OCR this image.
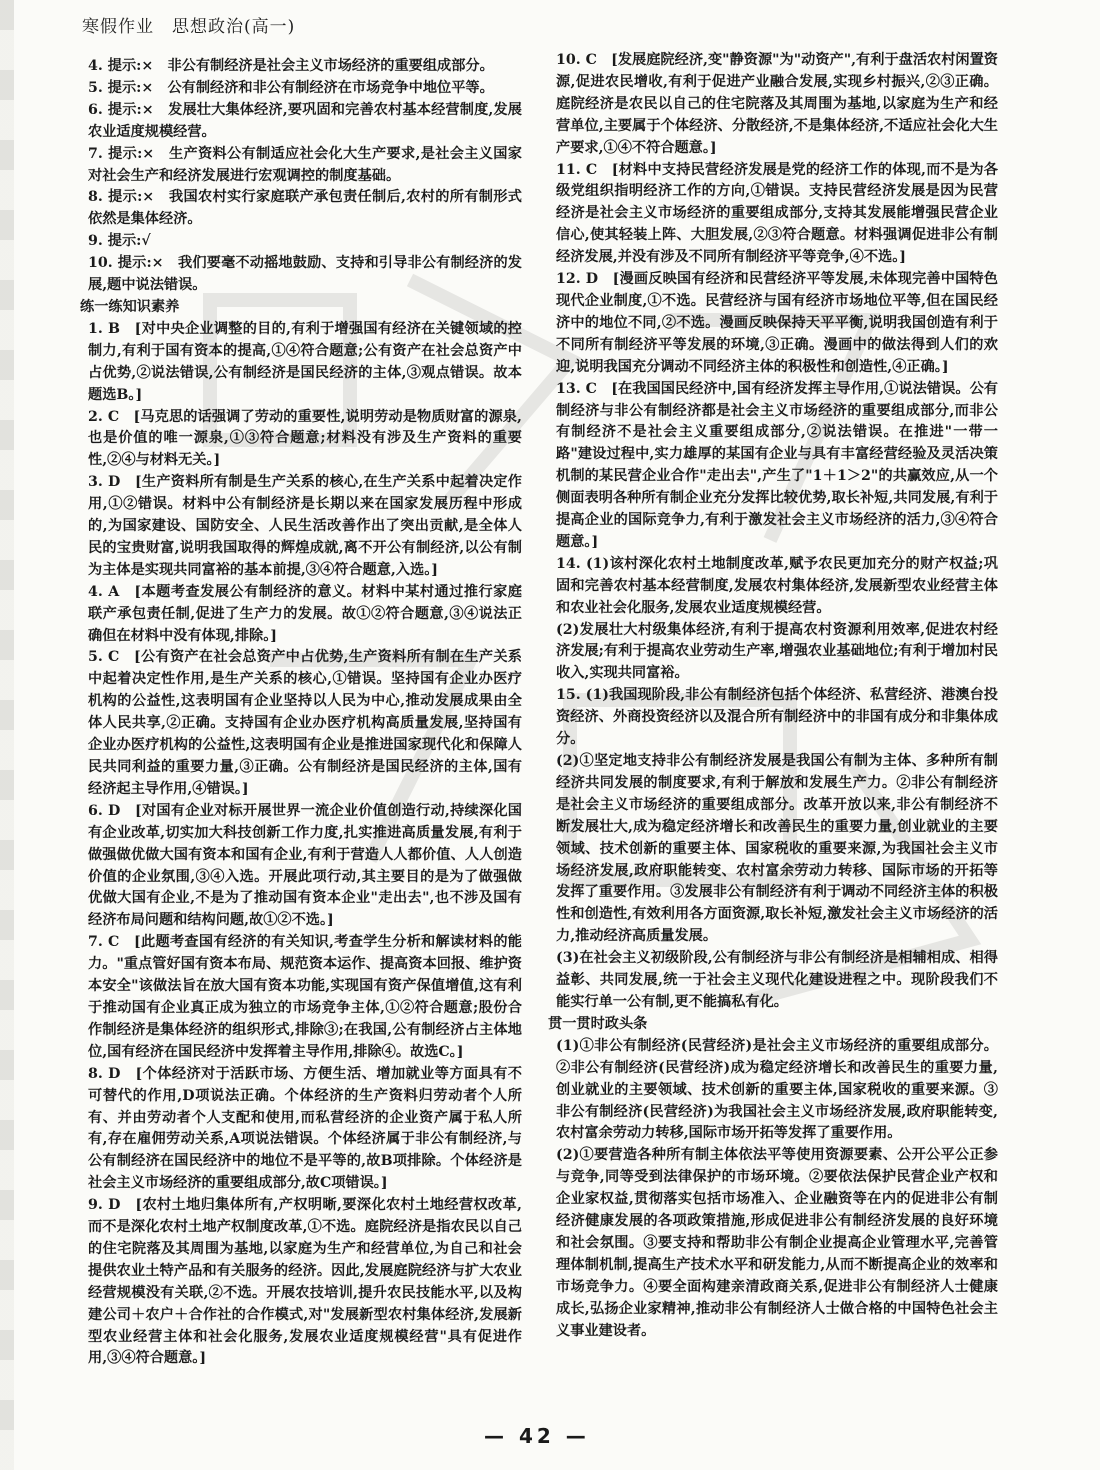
寒假作业　思想政治(高一)

4. 提示:×　非公有制经济是社会主义市场经济的重要组成部分。

5. 提示:×　公有制经济和非公有制经济在市场竞争中地位平等。

6. 提示:×　发展壮大集体经济,要巩固和完善农村基本经营制度,发展农业适度规模经营。

7. 提示:×　生产资料公有制适应社会化大生产要求,是社会主义国家对社会生产和经济发展进行宏观调控的制度基础。

8. 提示:×　我国农村实行家庭联产承包责任制后,农村的所有制形式依然是集体经济。

9. 提示:√

10. 提示:×　我们要毫不动摇地鼓励、支持和引导非公有制经济的发展,题中说法错误。

练一练知识素养

1. B　[对中央企业调整的目的,有利于增强国有经济在关键领域的控制力,有利于国有资本的提高,①④符合题意;公有资产在社会总资产中占优势,②说法错误,公有制经济是国民经济的主体,③观点错误。故本题选B。]

2. C　[马克思的话强调了劳动的重要性,说明劳动是物质财富的源泉,也是价值的唯一源泉,①③符合题意;材料没有涉及生产资料的重要性,②④与材料无关。]

3. D　[生产资料所有制是生产关系的核心,在生产关系中起着决定作用,①②错误。材料中公有制经济是长期以来在国家发展历程中形成的,为国家建设、国防安全、人民生活改善作出了突出贡献,是全体人民的宝贵财富,说明我国取得的辉煌成就,离不开公有制经济,以公有制为主体是实现共同富裕的基本前提,③④符合题意,入选。]

4. A　[本题考查发展公有制经济的意义。材料中某村通过推行家庭联产承包责任制,促进了生产力的发展。故①②符合题意,③④说法正确但在材料中没有体现,排除。]

5. C　[公有资产在社会总资产中占优势,生产资料所有制在生产关系中起着决定性作用,是生产关系的核心,①错误。坚持国有企业办医疗机构的公益性,这表明国有企业坚持以人民为中心,推动发展成果由全体人民共享,②正确。支持国有企业办医疗机构高质量发展,坚持国有企业办医疗机构的公益性,这表明国有企业是推进国家现代化和保障人民共同利益的重要力量,③正确。公有制经济是国民经济的主体,国有经济起主导作用,④错误。]

6. D　[对国有企业对标开展世界一流企业价值创造行动,持续深化国有企业改革,切实加大科技创新工作力度,扎实推进高质量发展,有利于做强做优做大国有资本和国有企业,有利于营造人人都价值、人人创造价值的企业氛围,③④入选。开展此项行动,其主要目的是为了做强做优做大国有企业,不是为了推动国有资本企业"走出去",也不涉及国有经济布局问题和结构问题,故①②不选。]

7. C　[此题考查国有经济的有关知识,考查学生分析和解读材料的能力。"重点管好国有资本布局、规范资本运作、提高资本回报、维护资本安全"该做法旨在放大国有资本功能,实现国有资产保值增值,这有利于推动国有企业真正成为独立的市场竞争主体,①②符合题意;股份合作制经济是集体经济的组织形式,排除③;在我国,公有制经济占主体地位,国有经济在国民经济中发挥着主导作用,排除④。故选C。]

8. D　[个体经济对于活跃市场、方便生活、增加就业等方面具有不可替代的作用,D项说法正确。个体经济的生产资料归劳动者个人所有、并由劳动者个人支配和使用,而私营经济的企业资产属于私人所有,存在雇佣劳动关系,A项说法错误。个体经济属于非公有制经济,与公有制经济在国民经济中的地位不是平等的,故B项排除。个体经济是社会主义市场经济的重要组成部分,故C项错误。]

9. D　[农村土地归集体所有,产权明晰,要深化农村土地经营权改革,而不是深化农村土地产权制度改革,①不选。庭院经济是指农民以自己的住宅院落及其周围为基地,以家庭为生产和经营单位,为自己和社会提供农业土特产品和有关服务的经济。因此,发展庭院经济与扩大农业经营规模没有关联,②不选。开展农技培训,提升农民技能水平,以及构建公司＋农户＋合作社的合作模式,对"发展新型农村集体经济,发展新型农业经营主体和社会化服务,发展农业适度规模经营"具有促进作用,③④符合题意。]

10. C　[发展庭院经济,变"静资源"为"动资产",有利于盘活农村闲置资源,促进农民增收,有利于促进产业融合发展,实现乡村振兴,②③正确。庭院经济是农民以自己的住宅院落及其周围为基地,以家庭为生产和经营单位,主要属于个体经济、分散经济,不是集体经济,不适应社会化大生产要求,①④不符合题意。]

11. C　[材料中支持民营经济发展是党的经济工作的体现,而不是为各级党组织指明经济工作的方向,①错误。支持民营经济发展是因为民营经济是社会主义市场经济的重要组成部分,支持其发展能增强民营企业信心,使其轻装上阵、大胆发展,②③符合题意。材料强调促进非公有制经济发展,并没有涉及不同所有制经济平等竞争,④不选。]

12. D　[漫画反映国有经济和民营经济平等发展,未体现完善中国特色现代企业制度,①不选。民营经济与国有经济市场地位平等,但在国民经济中的地位不同,②不选。漫画反映保持天平平衡,说明我国创造有利于不同所有制经济平等发展的环境,③正确。漫画中的做法得到人们的欢迎,说明我国充分调动不同经济主体的积极性和创造性,④正确。]

13. C　[在我国国民经济中,国有经济发挥主导作用,①说法错误。公有制经济与非公有制经济都是社会主义市场经济的重要组成部分,而非公有制经济不是社会主义重要组成部分,②说法错误。在推进"一带一路"建设过程中,实力雄厚的某国有企业与具有丰富经营经验及灵活决策机制的某民营企业合作"走出去",产生了"1＋1＞2"的共赢效应,从一个侧面表明各种所有制企业充分发挥比较优势,取长补短,共同发展,有利于提高企业的国际竞争力,有利于激发社会主义市场经济的活力,③④符合题意。]

14. (1)该村深化农村土地制度改革,赋予农民更加充分的财产权益;巩固和完善农村基本经营制度,发展农村集体经济,发展新型农业经营主体和农业社会化服务,发展农业适度规模经营。

(2)发展壮大村级集体经济,有利于提高农村资源利用效率,促进农村经济发展;有利于提高农业劳动生产率,增强农业基础地位;有利于增加村民收入,实现共同富裕。

15. (1)我国现阶段,非公有制经济包括个体经济、私营经济、港澳台投资经济、外商投资经济以及混合所有制经济中的非国有成分和非集体成分。

(2)①坚定地支持非公有制经济发展是我国公有制为主体、多种所有制经济共同发展的制度要求,有利于解放和发展生产力。②非公有制经济是社会主义市场经济的重要组成部分。改革开放以来,非公有制经济不断发展壮大,成为稳定经济增长和改善民生的重要力量,创业就业的主要领域、技术创新的重要主体、国家税收的重要来源,为我国社会主义市场经济发展,政府职能转变、农村富余劳动力转移、国际市场的开拓等发挥了重要作用。③发展非公有制经济有利于调动不同经济主体的积极性和创造性,有效利用各方面资源,取长补短,激发社会主义市场经济的活力,推动经济高质量发展。

(3)在社会主义初级阶段,公有制经济与非公有制经济是相辅相成、相得益彰、共同发展,统一于社会主义现代化建设进程之中。现阶段我们不能实行单一公有制,更不能搞私有化。

贯一贯时政头条

(1)①非公有制经济(民营经济)是社会主义市场经济的重要组成部分。②非公有制经济(民营经济)成为稳定经济增长和改善民生的重要力量,创业就业的主要领域、技术创新的重要主体,国家税收的重要来源。③非公有制经济(民营经济)为我国社会主义市场经济发展,政府职能转变,农村富余劳动力转移,国际市场开拓等发挥了重要作用。

(2)①要营造各种所有制主体依法平等使用资源要素、公开公平公正参与竞争,同等受到法律保护的市场环境。②要依法保护民营企业产权和企业家权益,贯彻落实包括市场准入、企业融资等在内的促进非公有制经济健康发展的各项政策措施,形成促进非公有制经济发展的良好环境和社会氛围。③要支持和帮助非公有制企业提高企业管理水平,完善管理体制机制,提高生产技术水平和研发能力,从而不断提高企业的效率和市场竞争力。④要全面构建亲清政商关系,促进非公有制经济人士健康成长,弘扬企业家精神,推动非公有制经济人士做合格的中国特色社会主义事业建设者。

— 42 —
